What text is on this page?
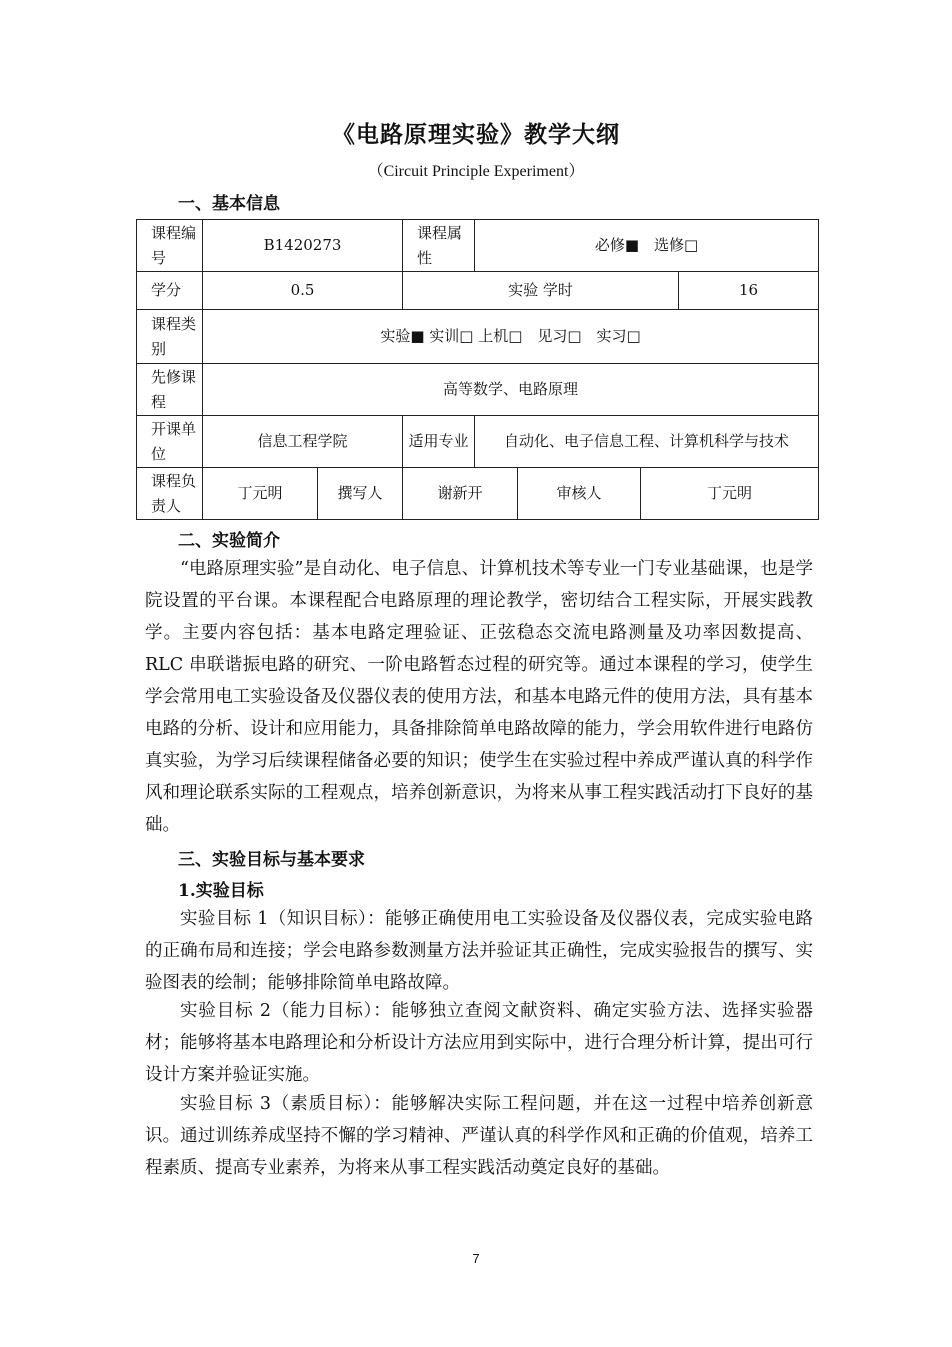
《电路原理实验》教学大纲
（Circuit Principle Experiment）
一、基本信息
课程编号	B1420273		课程属性	必修■　选修□			
学分	0.5		实验 学时				16
课程类别	实验■ 实训□ 上机□　见习□　实习□						
先修课程	高等数学、电路原理						
开课单位	信息工程学院		适用专业	自动化、电子信息工程、计算机科学与技术			
课程负责人	丁元明	撰写人	谢新开		审核人	丁元明	
二、实验简介

“电路原理实验”是自动化、电子信息、计算机技术等专业一门专业基础课，也是学院设置的平台课。本课程配合电路原理的理论教学，密切结合工程实际，开展实践教学。主要内容包括：基本电路定理验证、正弦稳态交流电路测量及功率因数提高、RLC 串联谐振电路的研究、一阶电路暂态过程的研究等。通过本课程的学习，使学生学会常用电工实验设备及仪器仪表的使用方法，和基本电路元件的使用方法，具有基本电路的分析、设计和应用能力，具备排除简单电路故障的能力，学会用软件进行电路仿真实验，为学习后续课程储备必要的知识；使学生在实验过程中养成严谨认真的科学作风和理论联系实际的工程观点，培养创新意识，为将来从事工程实践活动打下良好的基础。

三、实验目标与基本要求
1.实验目标

实验目标 1（知识目标）：能够正确使用电工实验设备及仪器仪表，完成实验电路的正确布局和连接；学会电路参数测量方法并验证其正确性，完成实验报告的撰写、实验图表的绘制；能够排除简单电路故障。

实验目标 2（能力目标）：能够独立查阅文献资料、确定实验方法、选择实验器材；能够将基本电路理论和分析设计方法应用到实际中，进行合理分析计算，提出可行设计方案并验证实施。

实验目标 3（素质目标）：能够解决实际工程问题，并在这一过程中培养创新意识。通过训练养成坚持不懈的学习精神、严谨认真的科学作风和正确的价值观，培养工程素质、提高专业素养，为将来从事工程实践活动奠定良好的基础。

7
